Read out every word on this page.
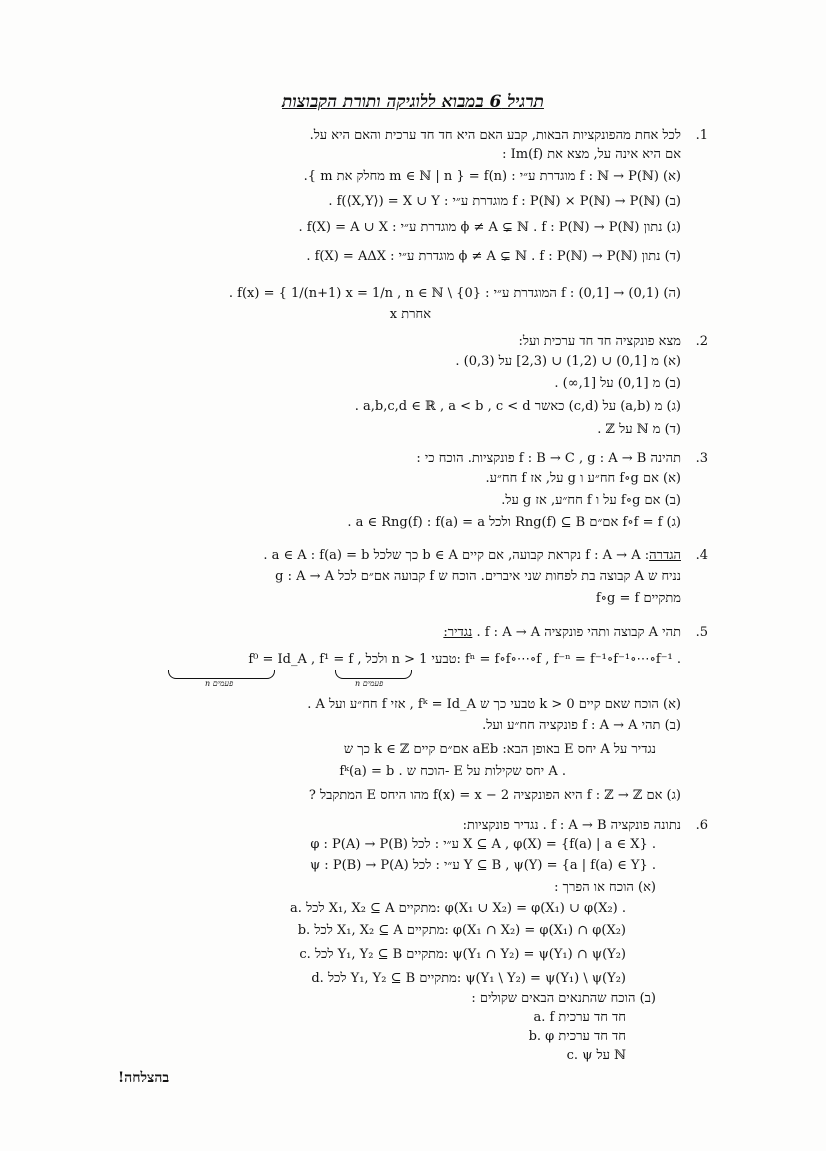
תרגיל 6 במבוא ללוגיקה ותורת הקבוצות
.1
לכל אחת מהפונקציות הבאות, קבע האם היא חד חד ערכית והאם היא על.
אם היא אינה על, מצא את Im(f) :
(א) f : ℕ → P(ℕ) מוגדרת ע״י : f(n) = { m ∈ ℕ | n מחלק את m }.
(ב) f : P(ℕ) × P(ℕ) → P(ℕ) מוגדרת ע״י : f(⟨X,Y⟩) = X ∪ Y .
(ג) נתון ϕ ≠ A ⊊ ℕ . f : P(ℕ) → P(ℕ) מוגדרת ע״י : f(X) = A ∪ X .
(ד) נתון ϕ ≠ A ⊊ ℕ . f : P(ℕ) → P(ℕ) מוגדרת ע״י : f(X) = AΔX .
(ה) f : (0,1] → (0,1) המוגדרת ע״י : f(x) = { 1/(n+1) x = 1/n , n ∈ ℕ \ {0} .
x אחרת
.2
מצא פונקציה חד חד ערכית ועל:
(א) מ [0,1) ∪ (1,2) ∪ (2,3] על (0,3) .
(ב) מ [0,1) על [1,∞) .
(ג) מ (a,b) על (c,d) כאשר a,b,c,d ∈ ℝ , a < b , c < d .
(ד) מ ℕ על ℤ .
.3
תהינה f : B → C , g : A → B פונקציות. הוכח כי :
(א) אם f∘g חח״ע ו g על, אז f חח״ע.
(ב) אם f∘g על ו f חח״ע, אז g על.
(ג) f∘f = f אם״ם Rng(f) ⊆ B ולכל a ∈ Rng(f) : f(a) = a .
.4
הגדרה: f : A → A נקראת קבועה, אם קיים b ∈ A כך שלכל a ∈ A : f(a) = b .
נניח ש A קבוצה בת לפחות שני איברים. הוכח ש f קבועה אם״ם לכל g : A → A
מתקיים f∘g = f
.5
תהי A קבוצה ותהי פונקציה f : A → A . נגדיר:
f⁰ = Id_A , f¹ = f , ולכל n > 1 טבעי: fⁿ = f∘f∘⋯∘f , f⁻ⁿ = f⁻¹∘f⁻¹∘⋯∘f⁻¹ .
n פעמים
n פעמים
(א) הוכח שאם קיים k > 0 טבעי כך ש fᵏ = Id_A , אזי f חח״ע ועל A .
(ב) תהי f : A → A פונקציה חח״ע ועל.
נגדיר על A יחס E באופן הבא: aEb אם״ם קיים k ∈ ℤ כך ש
fᵏ(a) = b . הוכח ש- E יחס שקילות על A .
(ג) אם f : ℤ → ℤ היא הפונקציה f(x) = x − 2 מהו היחס E המתקבל ?
.6
נתונה פונקציה f : A → B . נגדיר פונקציות:
φ : P(A) → P(B) ע״י : לכל X ⊆ A , φ(X) = {f(a) | a ∈ X} .
ψ : P(B) → P(A) ע״י : לכל Y ⊆ B , ψ(Y) = {a | f(a) ∈ Y} .
(א) הוכח או הפרך :
a. לכל X₁, X₂ ⊆ A מתקיים: φ(X₁ ∪ X₂) = φ(X₁) ∪ φ(X₂) .
b. לכל X₁, X₂ ⊆ A מתקיים: φ(X₁ ∩ X₂) = φ(X₁) ∩ φ(X₂)
c. לכל Y₁, Y₂ ⊆ B מתקיים: ψ(Y₁ ∩ Y₂) = ψ(Y₁) ∩ ψ(Y₂)
d. לכל Y₁, Y₂ ⊆ B מתקיים: ψ(Y₁ \ Y₂) = ψ(Y₁) \ ψ(Y₂)
(ב) הוכח שהתנאים הבאים שקולים :
a. f חד חד ערכית
b. φ חד חד ערכית
c. ψ על ℕ
בהצלחה!
